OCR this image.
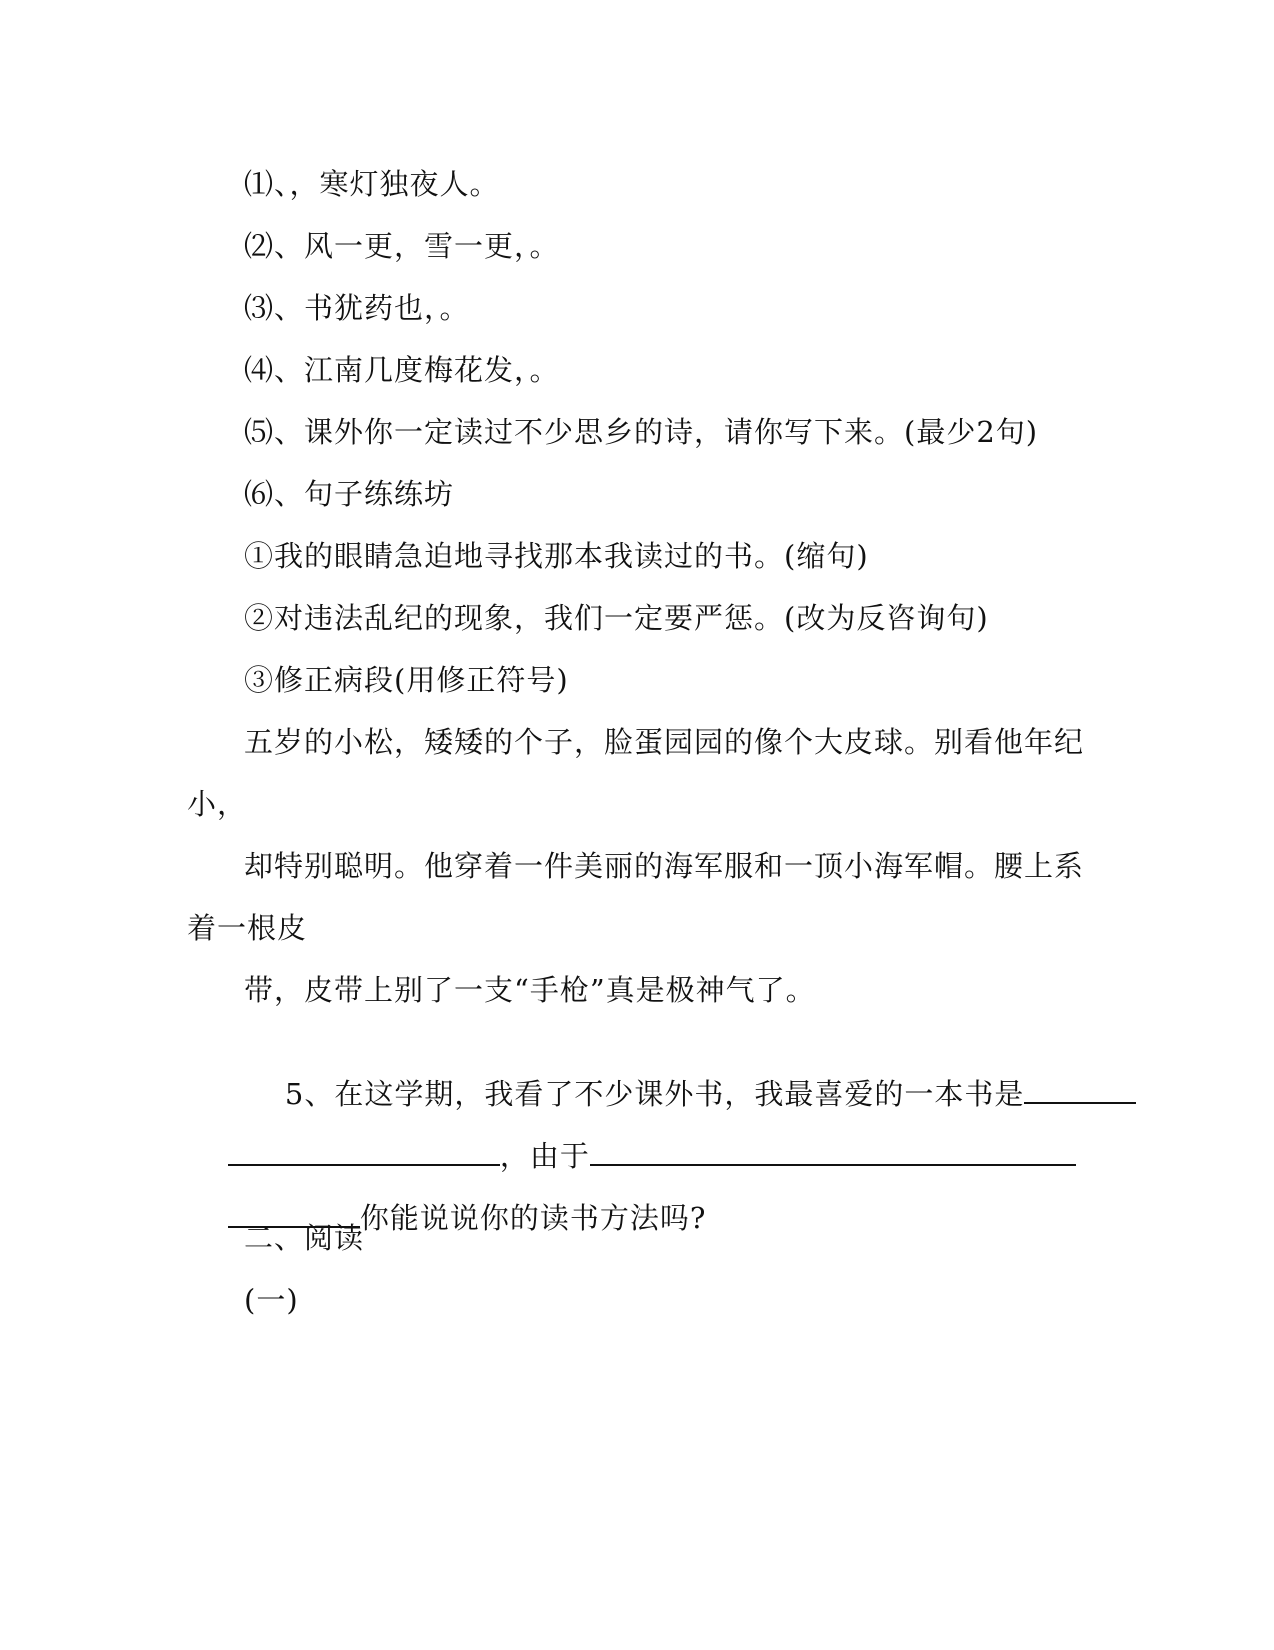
⑴、，寒灯独夜人。
⑵、风一更，雪一更，。
⑶、书犹药也，。
⑷、江南几度梅花发，。
⑸、课外你一定读过不少思乡的诗，请你写下来。(最少2句)
⑹、句子练练坊
①我的眼睛急迫地寻找那本我读过的书。(缩句)
②对违法乱纪的现象，我们一定要严惩。(改为反咨询句)
③修正病段(用修正符号)
五岁的小松，矮矮的个子，脸蛋园园的像个大皮球。别看他年纪
小，
却特别聪明。他穿着一件美丽的海军服和一顶小海军帽。腰上系
着一根皮
带，皮带上别了一支“手枪”真是极神气了。

5、在这学期，我看了不少课外书，我最喜爱的一本书是

，由于

你能说说你的读书方法吗?

二、阅读
(一)
